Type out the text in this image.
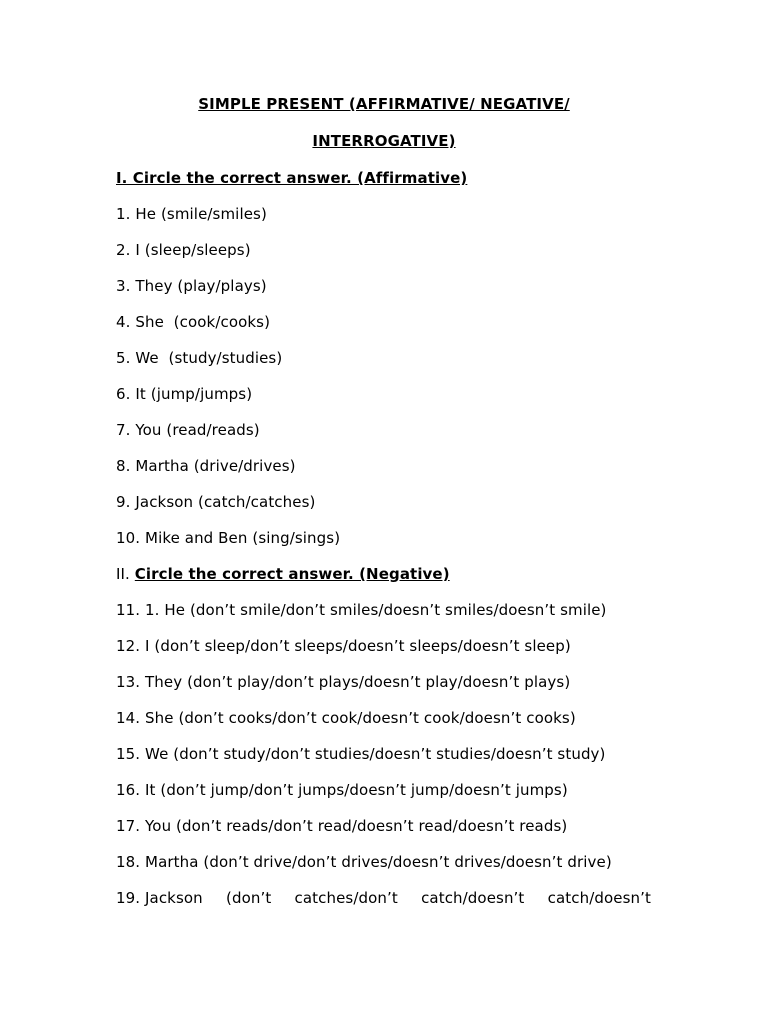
SIMPLE PRESENT (AFFIRMATIVE/ NEGATIVE/
INTERROGATIVE)
I. Circle the correct answer. (Affirmative)
1. He (smile/smiles)
2. I (sleep/sleeps)
3. They (play/plays)
4. She  (cook/cooks)
5. We  (study/studies)
6. It (jump/jumps)
7. You (read/reads)
8. Martha (drive/drives)
9. Jackson (catch/catches)
10. Mike and Ben (sing/sings)
II. Circle the correct answer. (Negative)
11. 1. He (don’t smile/don’t smiles/doesn’t smiles/doesn’t smile)
12. I (don’t sleep/don’t sleeps/doesn’t sleeps/doesn’t sleep)
13. They (don’t play/don’t plays/doesn’t play/doesn’t plays)
14. She (don’t cooks/don’t cook/doesn’t cook/doesn’t cooks)
15. We (don’t study/don’t studies/doesn’t studies/doesn’t study)
16. It (don’t jump/don’t jumps/doesn’t jump/doesn’t jumps)
17. You (don’t reads/don’t read/doesn’t read/doesn’t reads)
18. Martha (don’t drive/don’t drives/doesn’t drives/doesn’t drive)
19. Jackson (don’t catches/don’t catch/doesn’t catch/doesn’t
